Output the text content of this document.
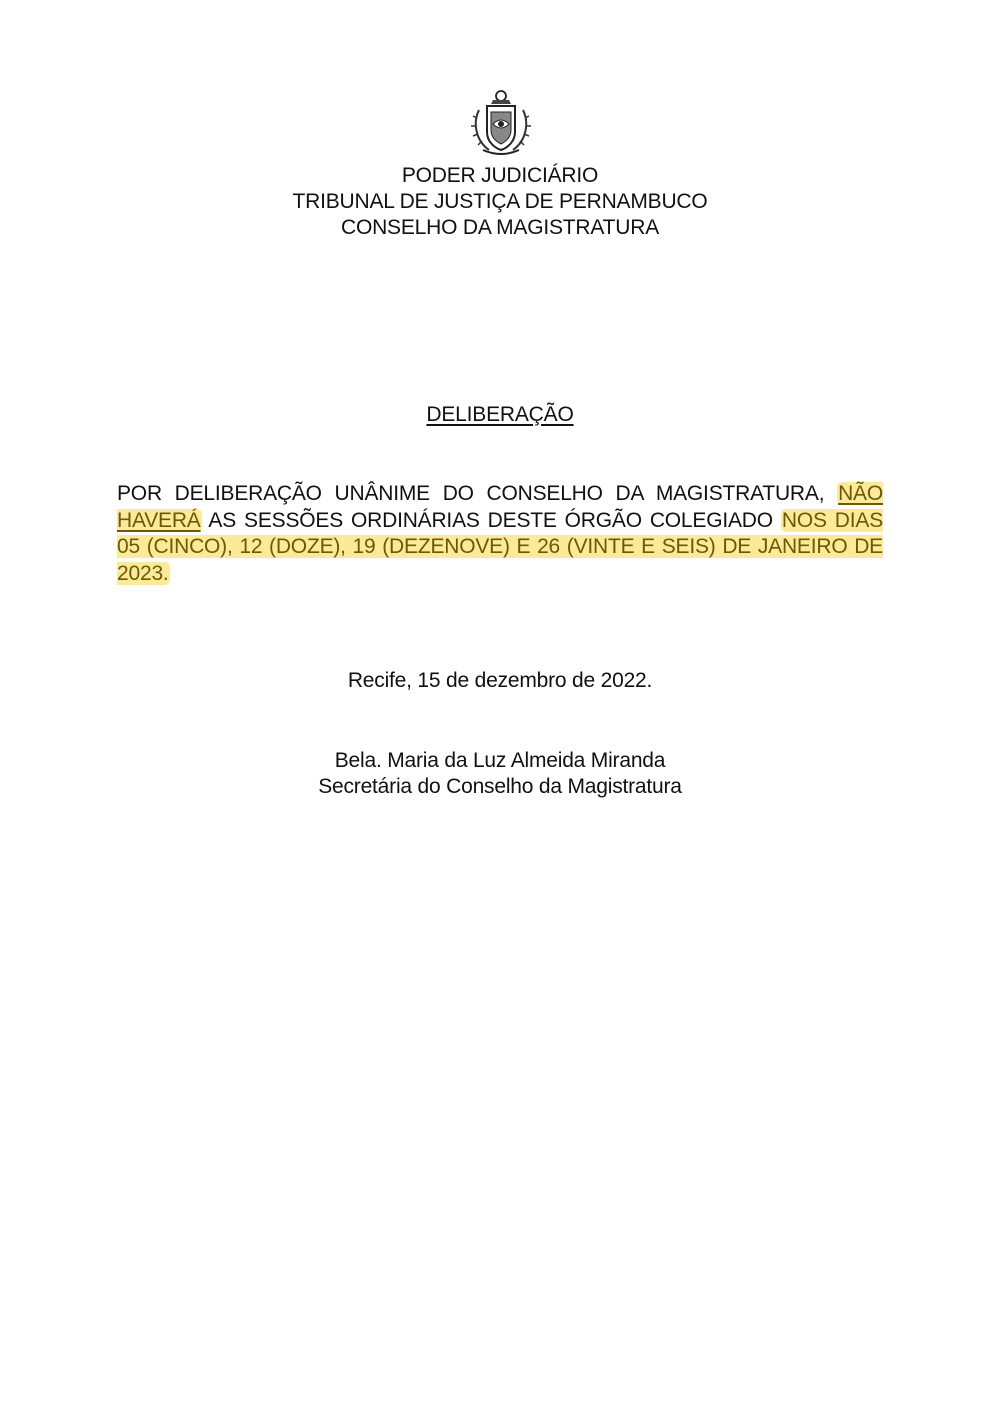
PODER JUDICIÁRIO
TRIBUNAL DE JUSTIÇA DE PERNAMBUCO
CONSELHO DA MAGISTRATURA
DELIBERAÇÃO
POR DELIBERAÇÃO UNÂNIME DO CONSELHO DA MAGISTRATURA, NÃO HAVERÁ AS SESSÕES ORDINÁRIAS DESTE ÓRGÃO COLEGIADO NOS DIAS 05 (CINCO), 12 (DOZE), 19 (DEZENOVE) E 26 (VINTE E SEIS) DE JANEIRO DE 2023.
Recife, 15 de dezembro de 2022.
Bela. Maria da Luz Almeida Miranda
Secretária do Conselho da Magistratura
